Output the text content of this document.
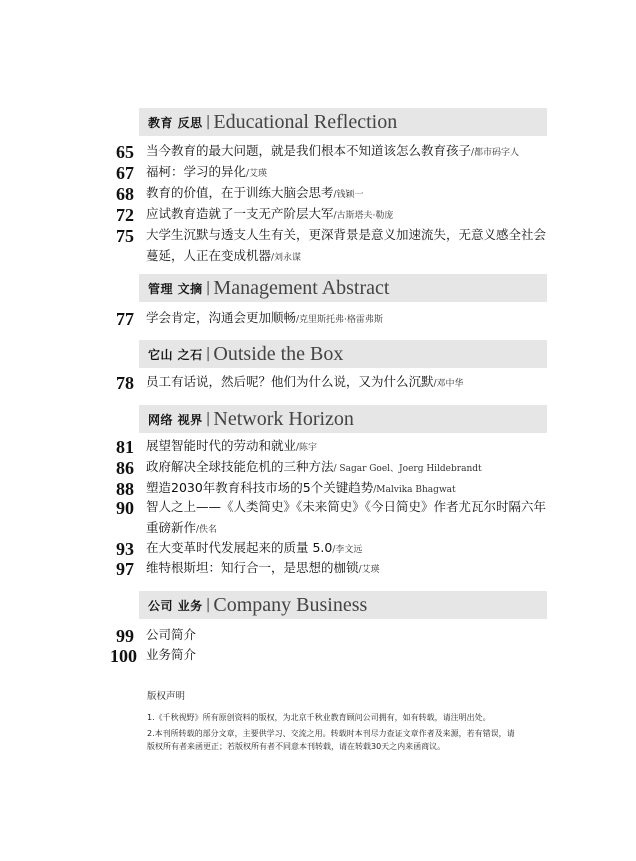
教育 反思 | Educational Reflection
65 当今教育的最大问题，就是我们根本不知道该怎么教育孩子/都市码字人
67 福柯：学习的异化/艾瑛
68 教育的价值，在于训练大脑会思考/钱颖一
72 应试教育造就了一支无产阶层大军/古斯塔夫·勒庞
75 大学生沉默与透支人生有关，更深背景是意义加速流失，无意义感全社会蔓延，人正在变成机器/刘永谋
管理 文摘 | Management Abstract
77 学会肯定，沟通会更加顺畅/克里斯托弗·格雷弗斯
它山 之石 | Outside the Box
78 员工有话说，然后呢？他们为什么说，又为什么沉默/邓中华
网络 视界 | Network Horizon
81 展望智能时代的劳动和就业/陈宇
86 政府解决全球技能危机的三种方法/ Sagar Goel、Joerg Hildebrandt
88 塑造2030年教育科技市场的5个关键趋势/Malvika Bhagwat
90 智人之上——《人类简史》《未来简史》《今日简史》作者尤瓦尔时隔六年重磅新作/佚名
93 在大变革时代发展起来的质量 5.0/李文远
97 维特根斯坦：知行合一，是思想的枷锁/艾瑛
公司 业务 | Company Business
99 公司简介
100 业务简介
版权声明

1.《千秋视野》所有原创资料的版权，为北京千秋业教育顾问公司拥有，如有转载，请注明出处。

2.本刊所转载的部分文章，主要供学习、交流之用。转载时本刊尽力查证文章作者及来源，若有错误，请版权所有者来函更正；若版权所有者不同意本刊转载，请在转载30天之内来函商议。
